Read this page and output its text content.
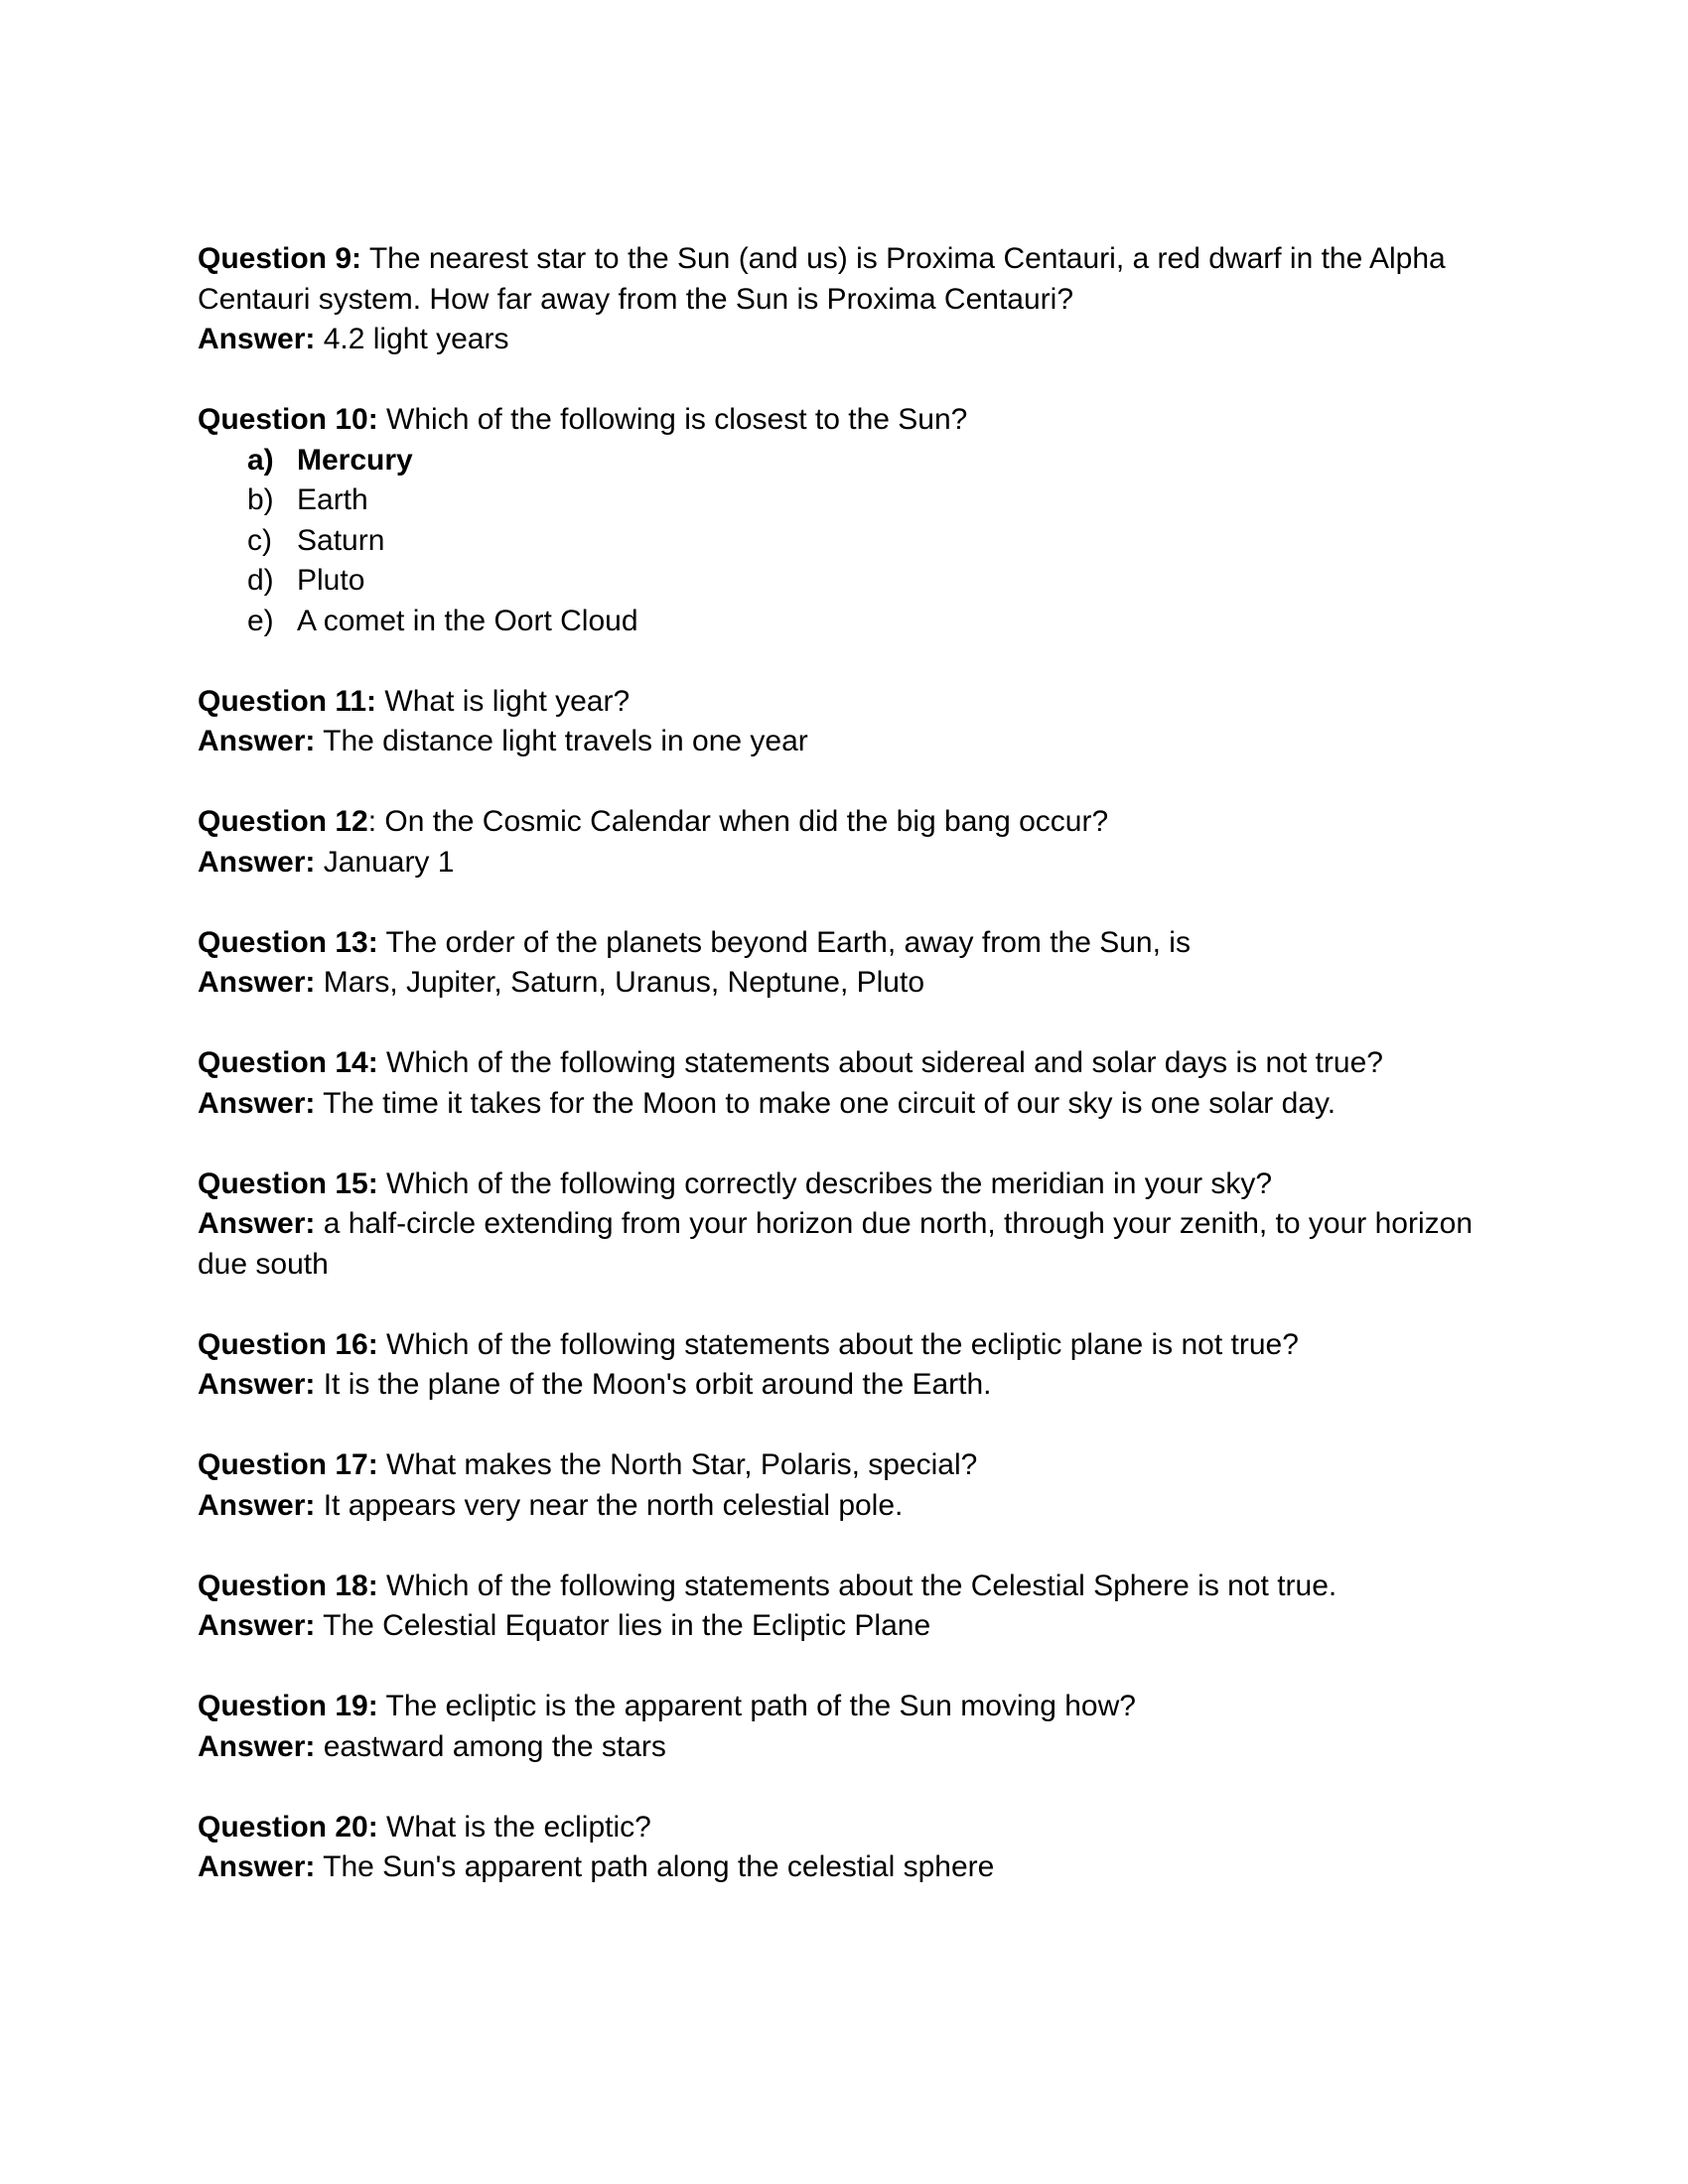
Question 9: The nearest star to the Sun (and us) is Proxima Centauri, a red dwarf in the Alpha Centauri system. How far away from the Sun is Proxima Centauri?
Answer: 4.2 light years
Question 10: Which of the following is closest to the Sun?
a) Mercury
b) Earth
c) Saturn
d) Pluto
e) A comet in the Oort Cloud
Question 11: What is light year?
Answer: The distance light travels in one year
Question 12: On the Cosmic Calendar when did the big bang occur?
Answer: January 1
Question 13: The order of the planets beyond Earth, away from the Sun, is
Answer: Mars, Jupiter, Saturn, Uranus, Neptune, Pluto
Question 14: Which of the following statements about sidereal and solar days is not true?
Answer: The time it takes for the Moon to make one circuit of our sky is one solar day.
Question 15: Which of the following correctly describes the meridian in your sky?
Answer: a half-circle extending from your horizon due north, through your zenith, to your horizon due south
Question 16: Which of the following statements about the ecliptic plane is not true?
Answer: It is the plane of the Moon's orbit around the Earth.
Question 17: What makes the North Star, Polaris, special?
Answer: It appears very near the north celestial pole.
Question 18: Which of the following statements about the Celestial Sphere is not true.
Answer: The Celestial Equator lies in the Ecliptic Plane
Question 19: The ecliptic is the apparent path of the Sun moving how?
Answer: eastward among the stars
Question 20: What is the ecliptic?
Answer: The Sun's apparent path along the celestial sphere
